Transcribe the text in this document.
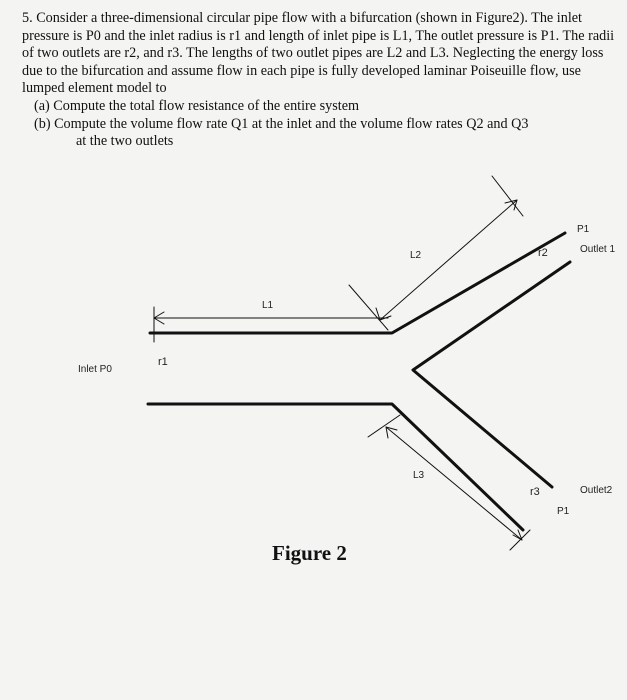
5. Consider a three-dimensional circular pipe flow with a bifurcation (shown in Figure2). The inlet pressure is P0 and the inlet radius is r1 and length of inlet pipe is L1, The outlet pressure is P1. The radii of two outlets are r2, and r3. The lengths of two outlet pipes are L2 and L3. Neglecting the energy loss due to the bifurcation and assume flow in each pipe is fully developed laminar Poiseuille flow, use lumped element model to

(a) Compute the total flow resistance of the entire system

(b) Compute the volume flow rate Q1 at the inlet and the volume flow rates Q2 and Q3

at the two outlets

Inlet P0
r1
L1
L2
L3
r2
r3
P1
P1
Outlet 1
Outlet2
Figure 2
